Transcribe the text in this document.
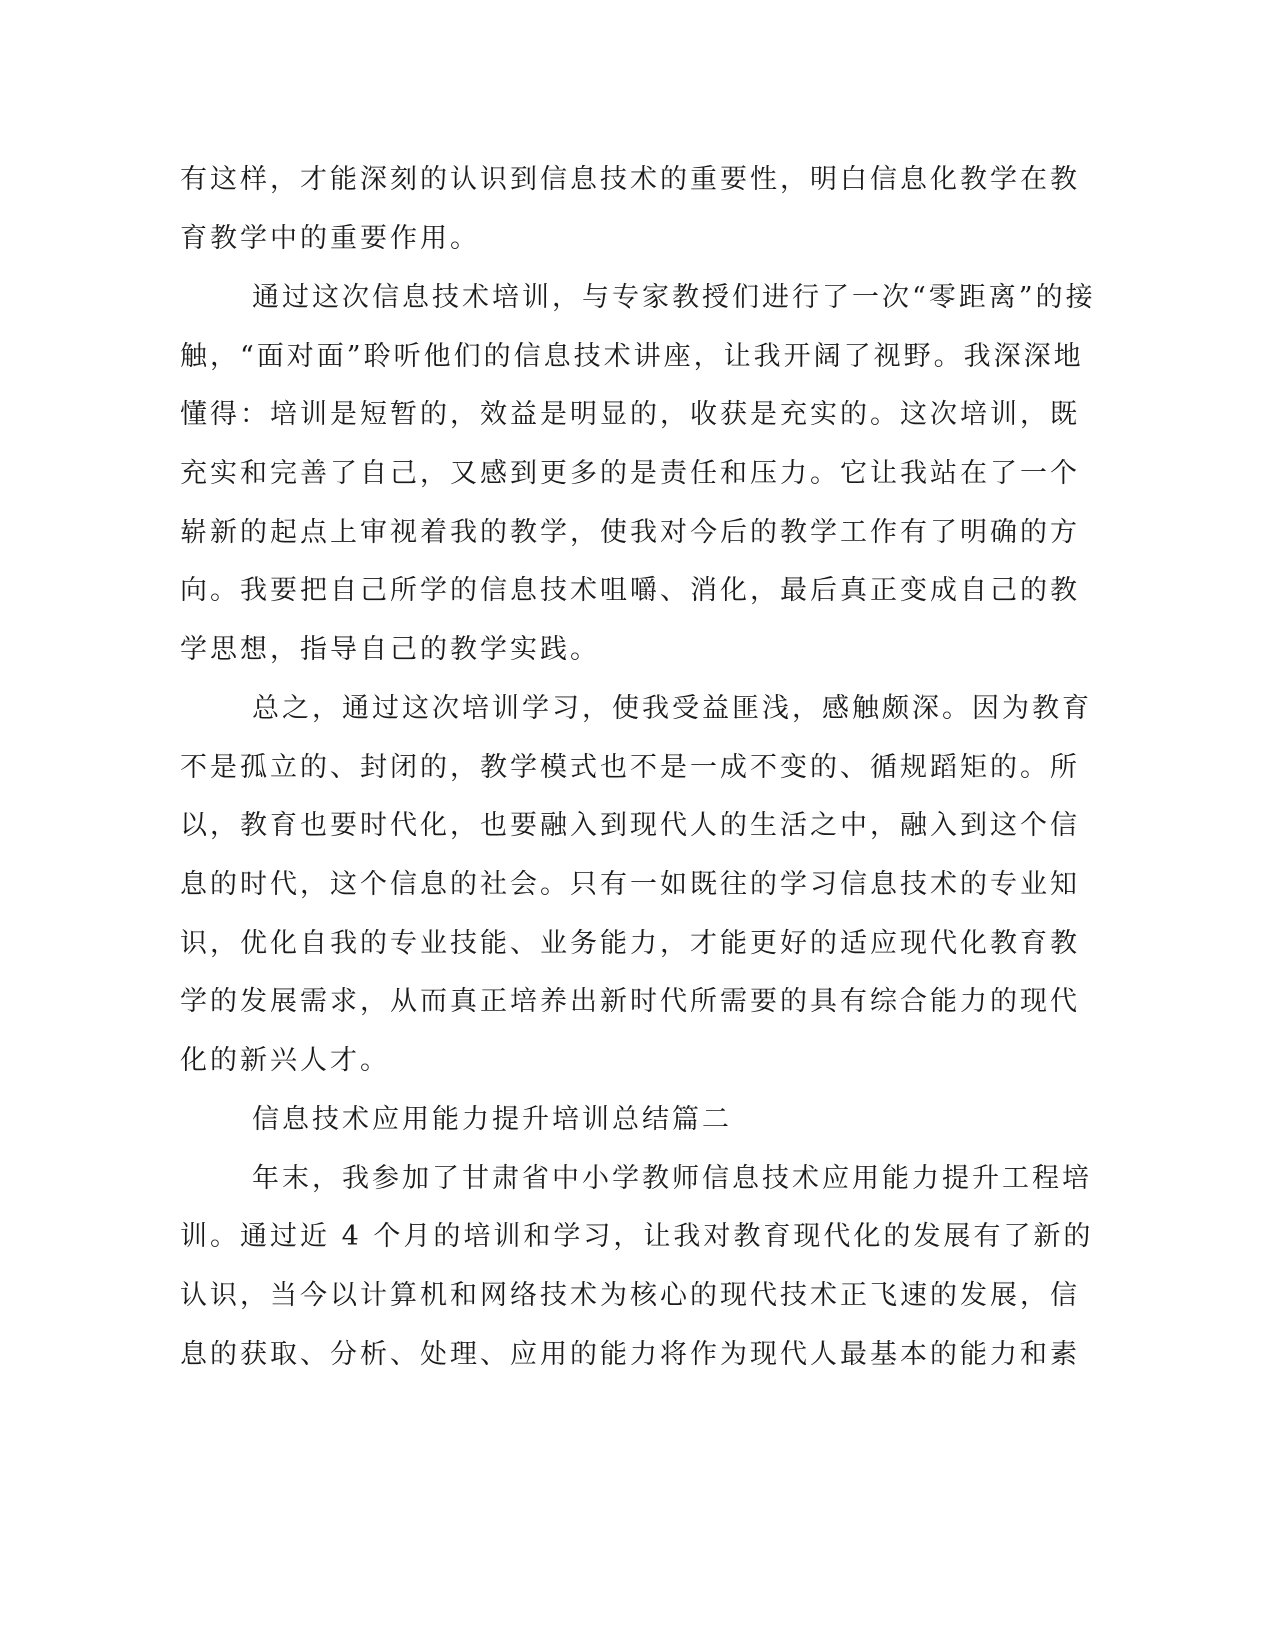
有这样，才能深刻的认识到信息技术的重要性，明白信息化教学在教
育教学中的重要作用。
通过这次信息技术培训，与专家教授们进行了一次“零距离”的接
触，“面对面”聆听他们的信息技术讲座，让我开阔了视野。我深深地
懂得：培训是短暂的，效益是明显的，收获是充实的。这次培训，既
充实和完善了自己，又感到更多的是责任和压力。它让我站在了一个
崭新的起点上审视着我的教学，使我对今后的教学工作有了明确的方
向。我要把自己所学的信息技术咀嚼、消化，最后真正变成自己的教
学思想，指导自己的教学实践。
总之，通过这次培训学习，使我受益匪浅，感触颇深。因为教育
不是孤立的、封闭的，教学模式也不是一成不变的、循规蹈矩的。所
以，教育也要时代化，也要融入到现代人的生活之中，融入到这个信
息的时代，这个信息的社会。只有一如既往的学习信息技术的专业知
识，优化自我的专业技能、业务能力，才能更好的适应现代化教育教
学的发展需求，从而真正培养出新时代所需要的具有综合能力的现代
化的新兴人才。
信息技术应用能力提升培训总结篇二
年末，我参加了甘肃省中小学教师信息技术应用能力提升工程培
训。通过近 4 个月的培训和学习，让我对教育现代化的发展有了新的
认识，当今以计算机和网络技术为核心的现代技术正飞速的发展，信
息的获取、分析、处理、应用的能力将作为现代人最基本的能力和素
